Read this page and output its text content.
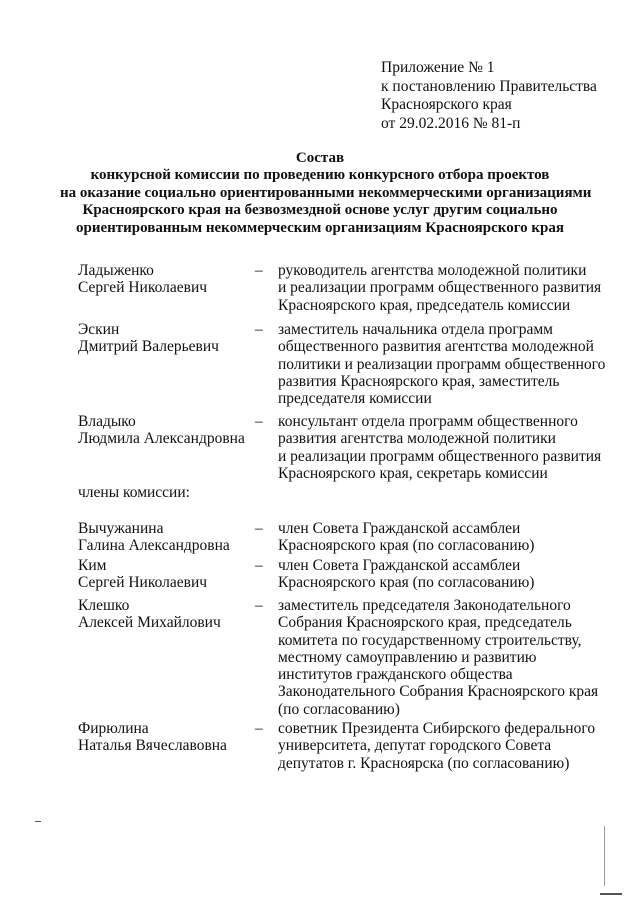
Приложение № 1
к постановлению Правительства
Красноярского края
от 29.02.2016 № 81-п
Состав
конкурсной комиссии по проведению конкурсного отбора проектов
на оказание социально ориентированными некоммерческими организациями
Красноярского края на безвозмездной основе услуг другим социально
ориентированным некоммерческим организациям Красноярского края
Ладыженко
Сергей Николаевич
– руководитель агентства молодежной политики
и реализации программ общественного развития
Красноярского края, председатель комиссии
Эскин
Дмитрий Валерьевич
– заместитель начальника отдела программ
общественного развития агентства молодежной
политики и реализации программ общественного
развития Красноярского края, заместитель
председателя комиссии
Владыко
Людмила Александровна
– консультант отдела программ общественного
развития агентства молодежной политики
и реализации программ общественного развития
Красноярского края, секретарь комиссии
члены комиссии:
Вычужанина
Галина Александровна
– член Совета Гражданской ассамблеи
Красноярского края (по согласованию)
Ким
Сергей Николаевич
– член Совета Гражданской ассамблеи
Красноярского края (по согласованию)
Клешко
Алексей Михайлович
– заместитель председателя Законодательного
Собрания Красноярского края, председатель
комитета по государственному строительству,
местному самоуправлению и развитию
институтов гражданского общества
Законодательного Собрания Красноярского края
(по согласованию)
Фирюлина
Наталья Вячеславовна
– советник Президента Сибирского федерального
университета, депутат городского Совета
депутатов г. Красноярска (по согласованию)
